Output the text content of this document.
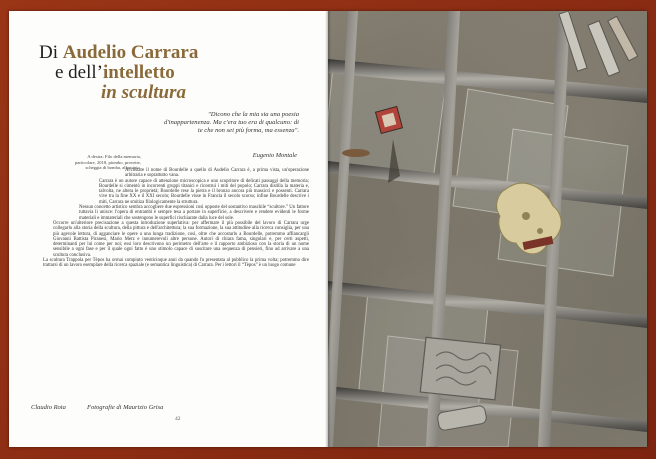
Di Audelio Carrara
e dell’intelletto
in scultura
"Dicono che la mia sia una poesia d'inappartenenza. Ma c'era tuo era di qualcuno: di te che non sei più forma, ma essenza".
Eugenio Montale
A destra: Filo della memoria, particolare, 2018, piombo, provette, scheggia di bomba, alluminio.

Accostare il nome di Bourdelle a quello di Audelio Carrara è, a prima vista, un'operazione arbitraria e soprattutto vana.

Carrara è un autore capace di attenzione microscopica e uno scopritore di delicati passaggi della memoria; Bourdelle si cimentò in incorrenti gruppi titanici e ricostruì i miti del popolo; Carrara distilla la materia e, talvolta, ne altera le proprietà; Bourdelle rese la pietra e il bronzo ancora più massicci e possenti. Carrara vive tra la fine XX e il XXI secolo; Bourdelle visse in Francia il secolo scorso; infine Bourdelle descrive i miti, Carrara ne smitiza filologicamente la struttura.

Nessun concetto artistico sembra accogliere due espressioni così opposte del sostantivo maschile “scultore.” Un fattore tuttavia li unisce: l'opera di entrambi è sempre tesa a portare in superficie, a descrivere e rendere evidenti le forme materiali e immateriali che sostengono le superfici rischiarate dalla luce del sole.

Occorre un'ulteriore precisazione a questa introduzione superlativa: per affermare il più possibile del lavoro di Carrara urge collegarlo alla storia della scultura, della pittura e dell'architettura; la sua formazione, la sua attitudine alla ricerca consiglia, per una più agevole lettura, di agganciare le opere a una lunga tradizione, così, oltre che accostarlo a Bourdelle, potremmo affiancargli Giovanni Battista Piranesi, Mario Merz e innumerevoli altre persone. Autori di chiara fama, singolari e, per certi aspetti, determinanti per lui come per noi; essi loro descrivono un perimetro dell'arte e il rapporto ambizioso con la storia di un nome sensibile a ogni fase e per il quale ogni fatto è uno stimolo capace di suscitare una sequenza di pensieri, fino ad arrivare a una scultura conclusiva.

La scultura Trappola per Tèpos ha ormai compiuto venticinque anni da quando fu presentata al pubblico la prima volta; potremmo dire trattarsi di un lavoro esemplare della ricerca spaziale (e semantica linguistica) di Carrara. Per i lettori il “Tèpos” è un luogo comune

Claudio Rota	Fotografie di Maurizio Grisa
42
